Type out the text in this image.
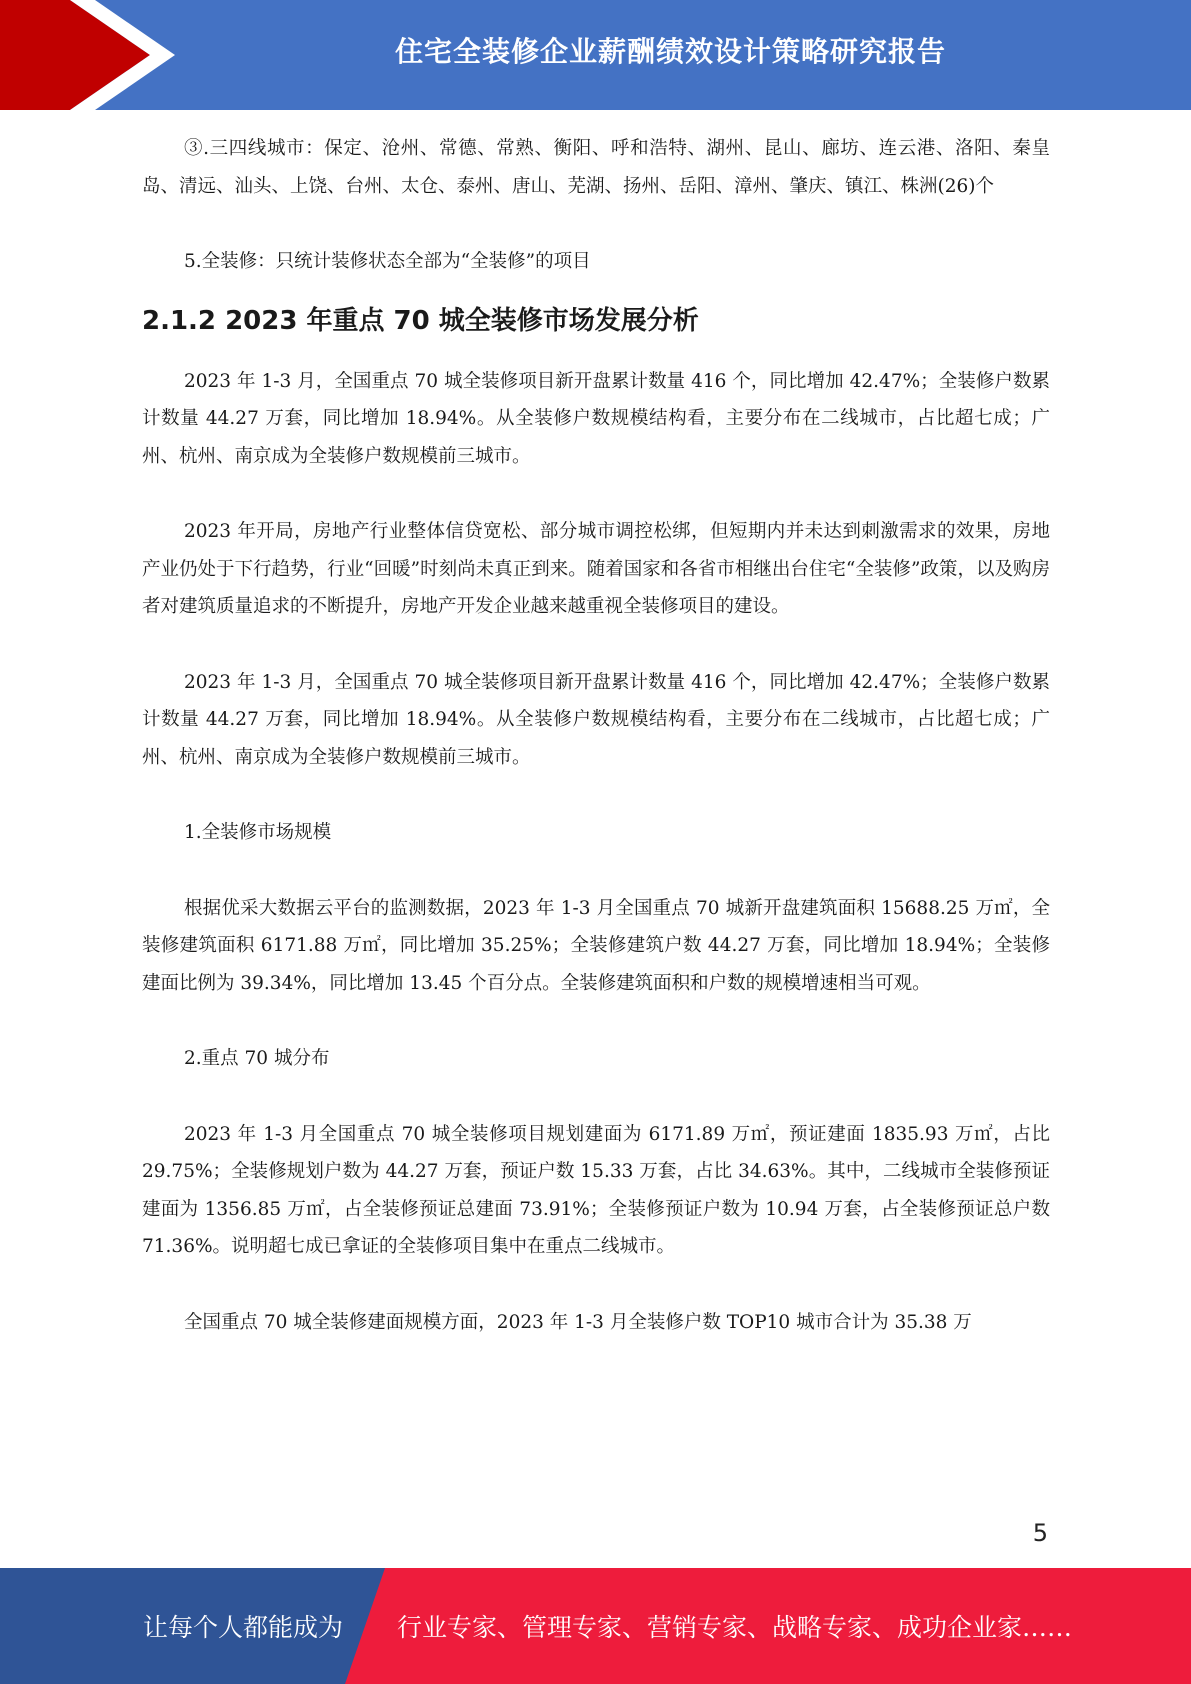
住宅全装修企业薪酬绩效设计策略研究报告

③.三四线城市：保定、沧州、常德、常熟、衡阳、呼和浩特、湖州、昆山、廊坊、连云港、洛阳、秦皇岛、清远、汕头、上饶、台州、太仓、泰州、唐山、芜湖、扬州、岳阳、漳州、肇庆、镇江、株洲(26)个

5.全装修：只统计装修状态全部为“全装修”的项目

2.1.2 2023 年重点 70 城全装修市场发展分析

2023 年 1-3 月，全国重点 70 城全装修项目新开盘累计数量 416 个，同比增加 42.47%；全装修户数累计数量 44.27 万套，同比增加 18.94%。从全装修户数规模结构看，主要分布在二线城市，占比超七成；广州、杭州、南京成为全装修户数规模前三城市。

2023 年开局，房地产行业整体信贷宽松、部分城市调控松绑，但短期内并未达到刺激需求的效果，房地产业仍处于下行趋势，行业“回暖”时刻尚未真正到来。随着国家和各省市相继出台住宅“全装修”政策，以及购房者对建筑质量追求的不断提升，房地产开发企业越来越重视全装修项目的建设。

2023 年 1-3 月，全国重点 70 城全装修项目新开盘累计数量 416 个，同比增加 42.47%；全装修户数累计数量 44.27 万套，同比增加 18.94%。从全装修户数规模结构看，主要分布在二线城市，占比超七成；广州、杭州、南京成为全装修户数规模前三城市。

1.全装修市场规模

根据优采大数据云平台的监测数据，2023 年 1-3 月全国重点 70 城新开盘建筑面积 15688.25 万㎡，全装修建筑面积 6171.88 万㎡，同比增加 35.25%；全装修建筑户数 44.27 万套，同比增加 18.94%；全装修建面比例为 39.34%，同比增加 13.45 个百分点。全装修建筑面积和户数的规模增速相当可观。

2.重点 70 城分布

2023 年 1-3 月全国重点 70 城全装修项目规划建面为 6171.89 万㎡，预证建面 1835.93 万㎡，占比 29.75%；全装修规划户数为 44.27 万套，预证户数 15.33 万套，占比 34.63%。其中，二线城市全装修预证建面为 1356.85 万㎡，占全装修预证总建面 73.91%；全装修预证户数为 10.94 万套，占全装修预证总户数 71.36%。说明超七成已拿证的全装修项目集中在重点二线城市。

全国重点 70 城全装修建面规模方面，2023 年 1-3 月全装修户数 TOP10 城市合计为 35.38 万

5
让每个人都能成为 行业专家、管理专家、营销专家、战略专家、成功企业家……
